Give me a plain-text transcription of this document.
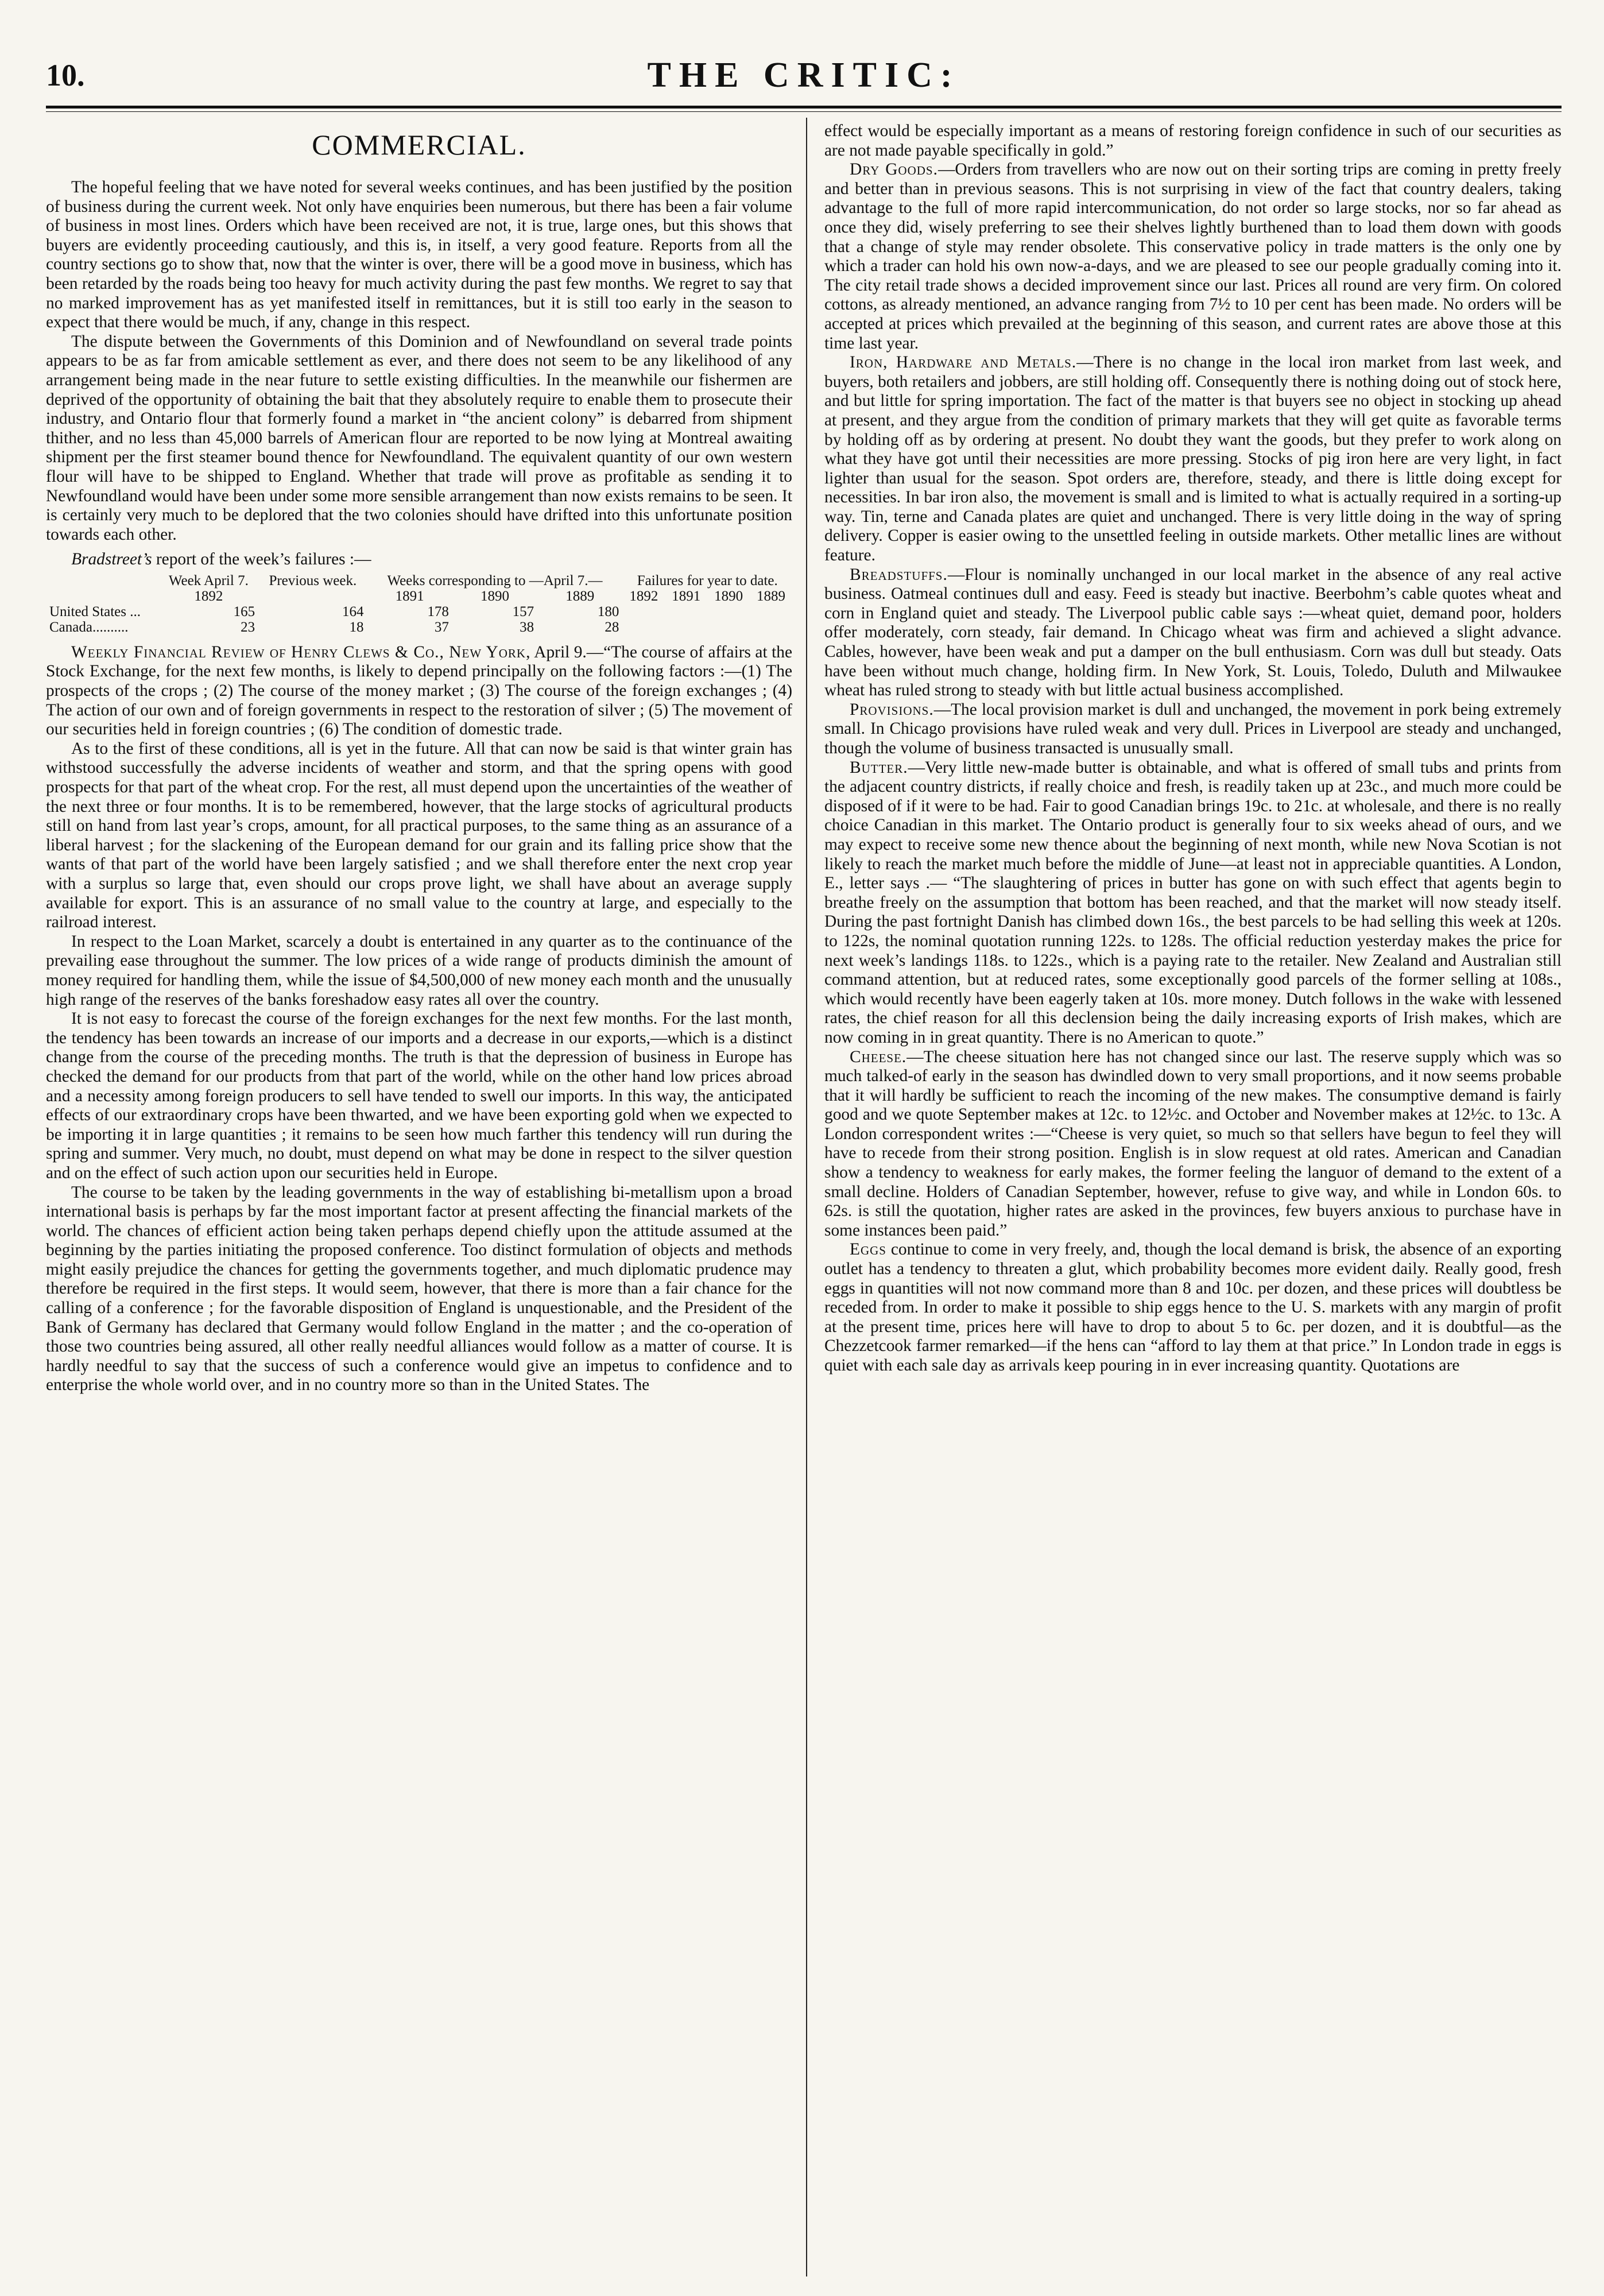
10.	THE CRITIC:
COMMERCIAL.

The hopeful feeling that we have noted for several weeks continues, and has been justified by the position of business during the current week. Not only have enquiries been numerous, but there has been a fair volume of business in most lines. Orders which have been received are not, it is true, large ones, but this shows that buyers are evidently proceeding cautiously, and this is, in itself, a very good feature. Reports from all the country sections go to show that, now that the winter is over, there will be a good move in business, which has been retarded by the roads being too heavy for much activity during the past few months. We regret to say that no marked improvement has as yet manifested itself in remittances, but it is still too early in the season to expect that there would be much, if any, change in this respect.

The dispute between the Governments of this Dominion and of Newfoundland on several trade points appears to be as far from amicable settlement as ever, and there does not seem to be any likelihood of any arrangement being made in the near future to settle existing difficulties. In the meanwhile our fishermen are deprived of the opportunity of obtaining the bait that they absolutely require to enable them to prosecute their industry, and Ontario flour that formerly found a market in “the ancient colony” is debarred from shipment thither, and no less than 45,000 barrels of American flour are reported to be now lying at Montreal awaiting shipment per the first steamer bound thence for Newfoundland. The equivalent quantity of our own western flour will have to be shipped to England. Whether that trade will prove as profitable as sending it to Newfoundland would have been under some more sensible arrangement than now exists remains to be seen. It is certainly very much to be deplored that the two colonies should have drifted into this unfortunate position towards each other.

Bradstreet’s report of the week’s failures :—

	Week April 7.	Previous week.	Weeks corresponding to —April 7.—			Failures for year to date.			
	1892		1891	1890	1889	1892	1891	1890	1889
United States ...	165	164	178	157	180				
Canada..........	23	18	37	38	28				

Weekly Financial Review of Henry Clews & Co., New York, April 9.—“The course of affairs at the Stock Exchange, for the next few months, is likely to depend principally on the following factors :—(1) The prospects of the crops ; (2) The course of the money market ; (3) The course of the foreign exchanges ; (4) The action of our own and of foreign governments in respect to the restoration of silver ; (5) The movement of our securities held in foreign countries ; (6) The condition of domestic trade.

As to the first of these conditions, all is yet in the future. All that can now be said is that winter grain has withstood successfully the adverse incidents of weather and storm, and that the spring opens with good prospects for that part of the wheat crop. For the rest, all must depend upon the uncertainties of the weather of the next three or four months. It is to be remembered, however, that the large stocks of agricultural products still on hand from last year’s crops, amount, for all practical purposes, to the same thing as an assurance of a liberal harvest ; for the slackening of the European demand for our grain and its falling price show that the wants of that part of the world have been largely satisfied ; and we shall therefore enter the next crop year with a surplus so large that, even should our crops prove light, we shall have about an average supply available for export. This is an assurance of no small value to the country at large, and especially to the railroad interest.

In respect to the Loan Market, scarcely a doubt is entertained in any quarter as to the continuance of the prevailing ease throughout the summer. The low prices of a wide range of products diminish the amount of money required for handling them, while the issue of $4,500,000 of new money each month and the unusually high range of the reserves of the banks foreshadow easy rates all over the country.

It is not easy to forecast the course of the foreign exchanges for the next few months. For the last month, the tendency has been towards an increase of our imports and a decrease in our exports,—which is a distinct change from the course of the preceding months. The truth is that the depression of business in Europe has checked the demand for our products from that part of the world, while on the other hand low prices abroad and a necessity among foreign producers to sell have tended to swell our imports. In this way, the anticipated effects of our extraordinary crops have been thwarted, and we have been exporting gold when we expected to be importing it in large quantities ; it remains to be seen how much farther this tendency will run during the spring and summer. Very much, no doubt, must depend on what may be done in respect to the silver question and on the effect of such action upon our securities held in Europe.

The course to be taken by the leading governments in the way of establishing bi-metallism upon a broad international basis is perhaps by far the most important factor at present affecting the financial markets of the world. The chances of efficient action being taken perhaps depend chiefly upon the attitude assumed at the beginning by the parties initiating the proposed conference. Too distinct formulation of objects and methods might easily prejudice the chances for getting the governments together, and much diplomatic prudence may therefore be required in the first steps. It would seem, however, that there is more than a fair chance for the calling of a conference ; for the favorable disposition of England is unquestionable, and the President of the Bank of Germany has declared that Germany would follow England in the matter ; and the co-operation of those two countries being assured, all other really needful alliances would follow as a matter of course. It is hardly needful to say that the success of such a conference would give an impetus to confidence and to enterprise the whole world over, and in no country more so than in the United States. The

effect would be especially important as a means of restoring foreign confidence in such of our securities as are not made payable specifically in gold.”

Dry Goods.—Orders from travellers who are now out on their sorting trips are coming in pretty freely and better than in previous seasons. This is not surprising in view of the fact that country dealers, taking advantage to the full of more rapid intercommunication, do not order so large stocks, nor so far ahead as once they did, wisely preferring to see their shelves lightly burthened than to load them down with goods that a change of style may render obsolete. This conservative policy in trade matters is the only one by which a trader can hold his own now-a-days, and we are pleased to see our people gradually coming into it. The city retail trade shows a decided improvement since our last. Prices all round are very firm. On colored cottons, as already mentioned, an advance ranging from 7½ to 10 per cent has been made. No orders will be accepted at prices which prevailed at the beginning of this season, and current rates are above those at this time last year.

Iron, Hardware and Metals.—There is no change in the local iron market from last week, and buyers, both retailers and jobbers, are still holding off. Consequently there is nothing doing out of stock here, and but little for spring importation. The fact of the matter is that buyers see no object in stocking up ahead at present, and they argue from the condition of primary markets that they will get quite as favorable terms by holding off as by ordering at present. No doubt they want the goods, but they prefer to work along on what they have got until their necessities are more pressing. Stocks of pig iron here are very light, in fact lighter than usual for the season. Spot orders are, therefore, steady, and there is little doing except for necessities. In bar iron also, the movement is small and is limited to what is actually required in a sorting-up way. Tin, terne and Canada plates are quiet and unchanged. There is very little doing in the way of spring delivery. Copper is easier owing to the unsettled feeling in outside markets. Other metallic lines are without feature.

Breadstuffs.—Flour is nominally unchanged in our local market in the absence of any real active business. Oatmeal continues dull and easy. Feed is steady but inactive. Beerbohm’s cable quotes wheat and corn in England quiet and steady. The Liverpool public cable says :—wheat quiet, demand poor, holders offer moderately, corn steady, fair demand. In Chicago wheat was firm and achieved a slight advance. Cables, however, have been weak and put a damper on the bull enthusiasm. Corn was dull but steady. Oats have been without much change, holding firm. In New York, St. Louis, Toledo, Duluth and Milwaukee wheat has ruled strong to steady with but little actual business accomplished.

Provisions.—The local provision market is dull and unchanged, the movement in pork being extremely small. In Chicago provisions have ruled weak and very dull. Prices in Liverpool are steady and unchanged, though the volume of business transacted is unusually small.

Butter.—Very little new-made butter is obtainable, and what is offered of small tubs and prints from the adjacent country districts, if really choice and fresh, is readily taken up at 23c., and much more could be disposed of if it were to be had. Fair to good Canadian brings 19c. to 21c. at wholesale, and there is no really choice Canadian in this market. The Ontario product is generally four to six weeks ahead of ours, and we may expect to receive some new thence about the beginning of next month, while new Nova Scotian is not likely to reach the market much before the middle of June—at least not in appreciable quantities. A London, E., letter says .— “The slaughtering of prices in butter has gone on with such effect that agents begin to breathe freely on the assumption that bottom has been reached, and that the market will now steady itself. During the past fortnight Danish has climbed down 16s., the best parcels to be had selling this week at 120s. to 122s, the nominal quotation running 122s. to 128s. The official reduction yesterday makes the price for next week’s landings 118s. to 122s., which is a paying rate to the retailer. New Zealand and Australian still command attention, but at reduced rates, some exceptionally good parcels of the former selling at 108s., which would recently have been eagerly taken at 10s. more money. Dutch follows in the wake with lessened rates, the chief reason for all this declension being the daily increasing exports of Irish makes, which are now coming in in great quantity. There is no American to quote.”

Cheese.—The cheese situation here has not changed since our last. The reserve supply which was so much talked-of early in the season has dwindled down to very small proportions, and it now seems probable that it will hardly be sufficient to reach the incoming of the new makes. The consumptive demand is fairly good and we quote September makes at 12c. to 12½c. and October and November makes at 12½c. to 13c. A London correspondent writes :—“Cheese is very quiet, so much so that sellers have begun to feel they will have to recede from their strong position. English is in slow request at old rates. American and Canadian show a tendency to weakness for early makes, the former feeling the languor of demand to the extent of a small decline. Holders of Canadian September, however, refuse to give way, and while in London 60s. to 62s. is still the quotation, higher rates are asked in the provinces, few buyers anxious to purchase have in some instances been paid.”

Eggs continue to come in very freely, and, though the local demand is brisk, the absence of an exporting outlet has a tendency to threaten a glut, which probability becomes more evident daily. Really good, fresh eggs in quantities will not now command more than 8 and 10c. per dozen, and these prices will doubtless be receded from. In order to make it possible to ship eggs hence to the U. S. markets with any margin of profit at the present time, prices here will have to drop to about 5 to 6c. per dozen, and it is doubtful—as the Chezzetcook farmer remarked—if the hens can “afford to lay them at that price.” In London trade in eggs is quiet with each sale day as arrivals keep pouring in in ever increasing quantity. Quotations are
